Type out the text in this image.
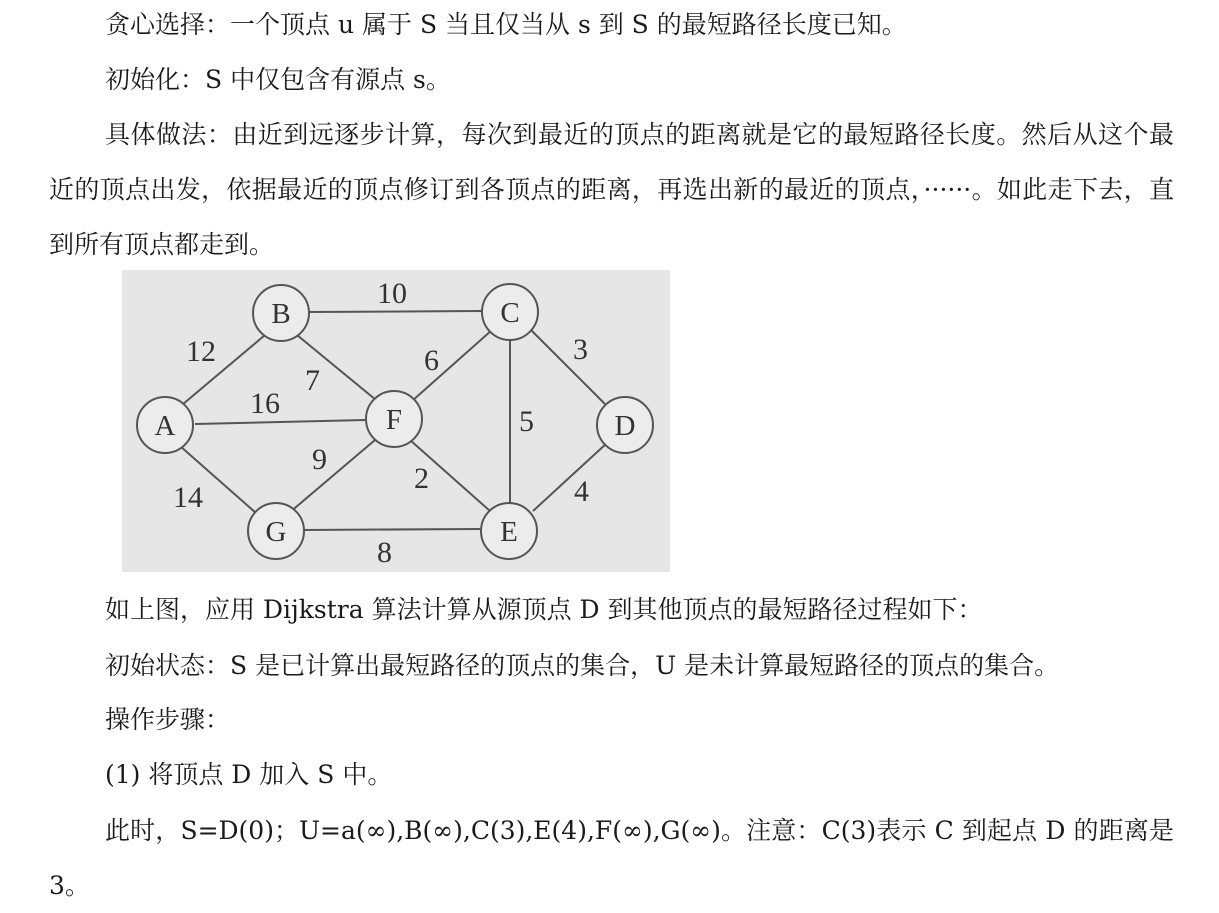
贪心选择：一个顶点 u 属于 S 当且仅当从 s 到 S 的最短路径长度已知。
初始化：S 中仅包含有源点 s。
具体做法：由近到远逐步计算，每次到最近的顶点的距离就是它的最短路径长度。然后从这个最近的顶点出发，依据最近的顶点修订到各顶点的距离，再选出新的最近的顶点，······。如此走下去，直到所有顶点都走到。
12
16
14
10
7
6
5
3
4
9
2
8
A
B	C
D
E
F
G
如上图，应用 Dijkstra 算法计算从源顶点 D 到其他顶点的最短路径过程如下：
初始状态：S 是已计算出最短路径的顶点的集合，U 是未计算最短路径的顶点的集合。
操作步骤：
(1) 将顶点 D 加入 S 中。
此时，S=D(0)；U=a(∞),B(∞),C(3),E(4),F(∞),G(∞)。注意：C(3)表示 C 到起点 D 的距离是 3。
